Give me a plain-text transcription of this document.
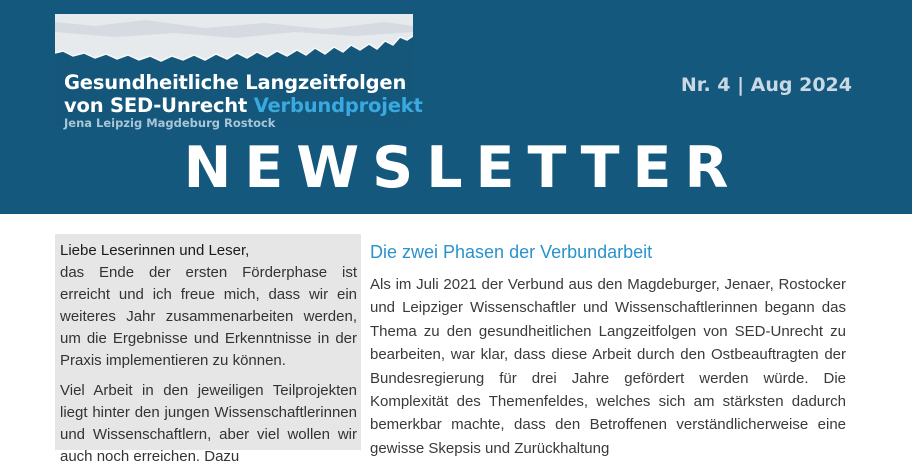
Gesundheitliche Langzeitfolgen
von SED-Unrecht Verbundprojekt
Jena Leipzig Magdeburg Rostock
Nr. 4 | Aug 2024
NEWSLETTER
Liebe Leserinnen und Leser,

das Ende der ersten Förderphase ist erreicht und ich freue mich, dass wir ein weiteres Jahr zusammenarbeiten werden, um die Ergebnisse und Erkenntnisse in der Praxis implementieren zu können.

Viel Arbeit in den jeweiligen Teilprojekten liegt hinter den jungen Wissenschaftlerinnen und Wissenschaftlern, aber viel wollen wir auch noch erreichen. Dazu

Die zwei Phasen der Verbundarbeit

Als im Juli 2021 der Verbund aus den Magdeburger, Jenaer, Rostocker und Leipziger Wissenschaftler und Wissenschaftlerinnen begann das Thema zu den gesundheitlichen Langzeitfolgen von SED-Unrecht zu bearbeiten, war klar, dass diese Arbeit durch den Ostbeauftragten der Bundesregierung für drei Jahre gefördert werden würde. Die Komplexität des Themenfeldes, welches sich am stärksten dadurch bemerkbar machte, dass den Betroffenen verständlicherweise eine gewisse Skepsis und Zurückhaltung
